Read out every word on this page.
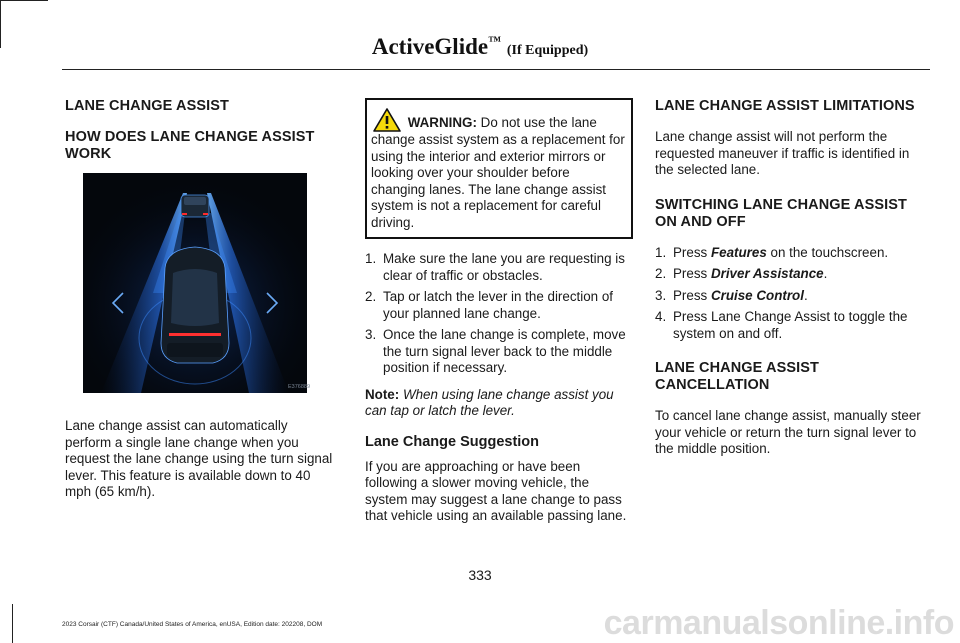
ActiveGlide™ (If Equipped)
LANE CHANGE ASSIST
HOW DOES LANE CHANGE ASSIST WORK
E376889

Lane change assist can automatically perform a single lane change when you request the lane change using the turn signal lever. This feature is available down to 40 mph (65 km/h).

WARNING: Do not use the lane change assist system as a replacement for using the interior and exterior mirrors or looking over your shoulder before changing lanes. The lane change assist system is not a replacement for careful driving.

1. Make sure the lane you are requesting is clear of traffic or obstacles.
2. Tap or latch the lever in the direction of your planned lane change.
3. Once the lane change is complete, move the turn signal lever back to the middle position if necessary.

Note: When using lane change assist you can tap or latch the lever.

Lane Change Suggestion

If you are approaching or have been following a slower moving vehicle, the system may suggest a lane change to pass that vehicle using an available passing lane.

LANE CHANGE ASSIST LIMITATIONS

Lane change assist will not perform the requested maneuver if traffic is identified in the selected lane.

SWITCHING LANE CHANGE ASSIST ON AND OFF
1. Press Features on the touchscreen.
2. Press Driver Assistance.
3. Press Cruise Control.
4. Press Lane Change Assist to toggle the system on and off.
LANE CHANGE ASSIST CANCELLATION

To cancel lane change assist, manually steer your vehicle or return the turn signal lever to the middle position.

333
2023 Corsair (CTF) Canada/United States of America, enUSA, Edition date: 202208, DOM	carmanualsonline.info
